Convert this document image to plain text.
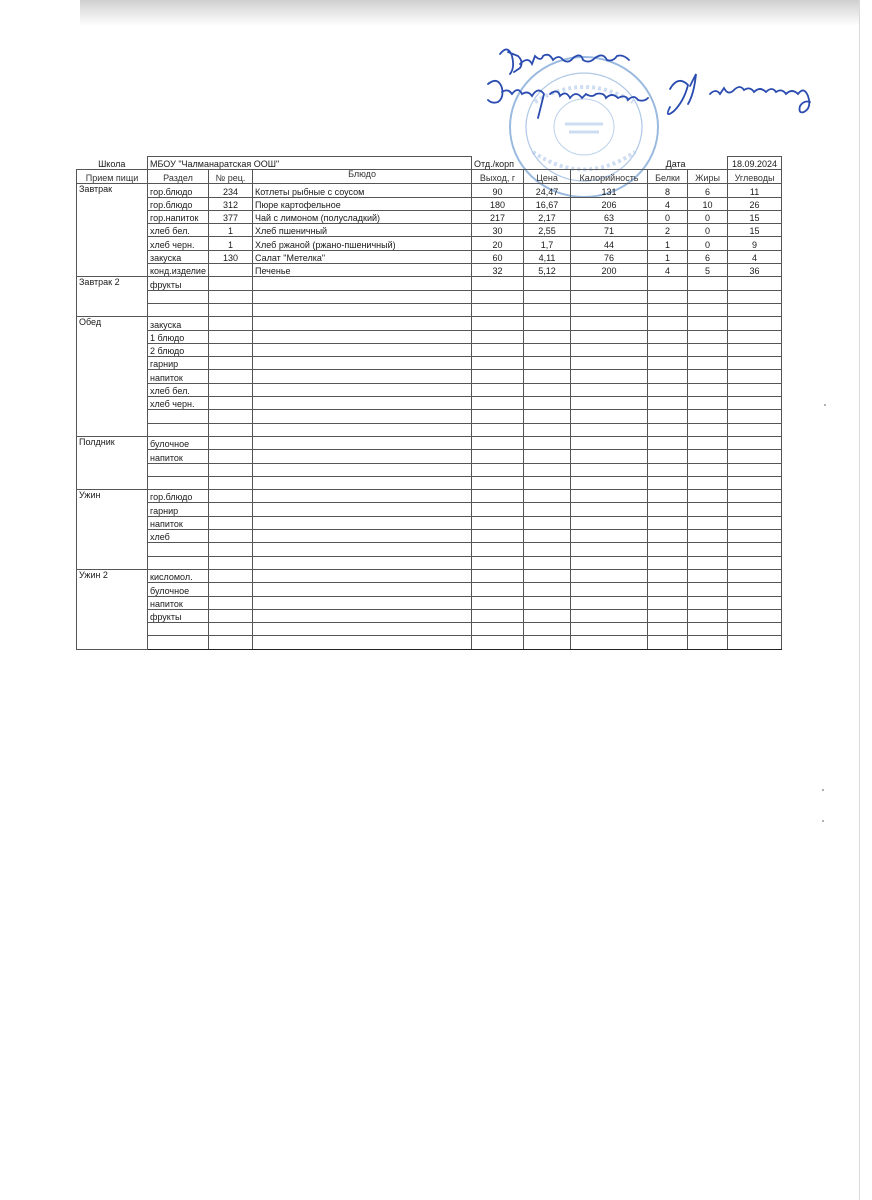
Школа	МБОУ "Чалманаратская ООШ"			Отд./корп			Дата		18.09.2024
Прием пищи	Раздел	№ рец.	Блюдо	Выход, г	Цена	Калорийность	Белки	Жиры	Углеводы
Завтрак	гор.блюдо	234	Котлеты рыбные с соусом	90	24,47	131	8	6	11
	гор.блюдо	312	Пюре картофельное	180	16,67	206	4	10	26
	гор.напиток	377	Чай с лимоном (полусладкий)	217	2,17	63	0	0	15
	хлеб бел.	1	Хлеб пшеничный	30	2,55	71	2	0	15
	хлеб черн.	1	Хлеб ржаной (ржано-пшеничный)	20	1,7	44	1	0	9
	закуска	130	Салат "Метелка"	60	4,11	76	1	6	4
	конд.изделие		Печенье	32	5,12	200	4	5	36
Завтрак 2	фрукты								

Обед	закуска								
	1 блюдо								
	2 блюдо								
	гарнир								
	напиток								
	хлеб бел.								
	хлеб черн.								

Полдник	булочное								
	напиток								

Ужин	гор.блюдо								
	гарнир								
	напиток								
	хлеб								

Ужин 2	кисломол.								
	булочное								
	напиток								
	фрукты								
